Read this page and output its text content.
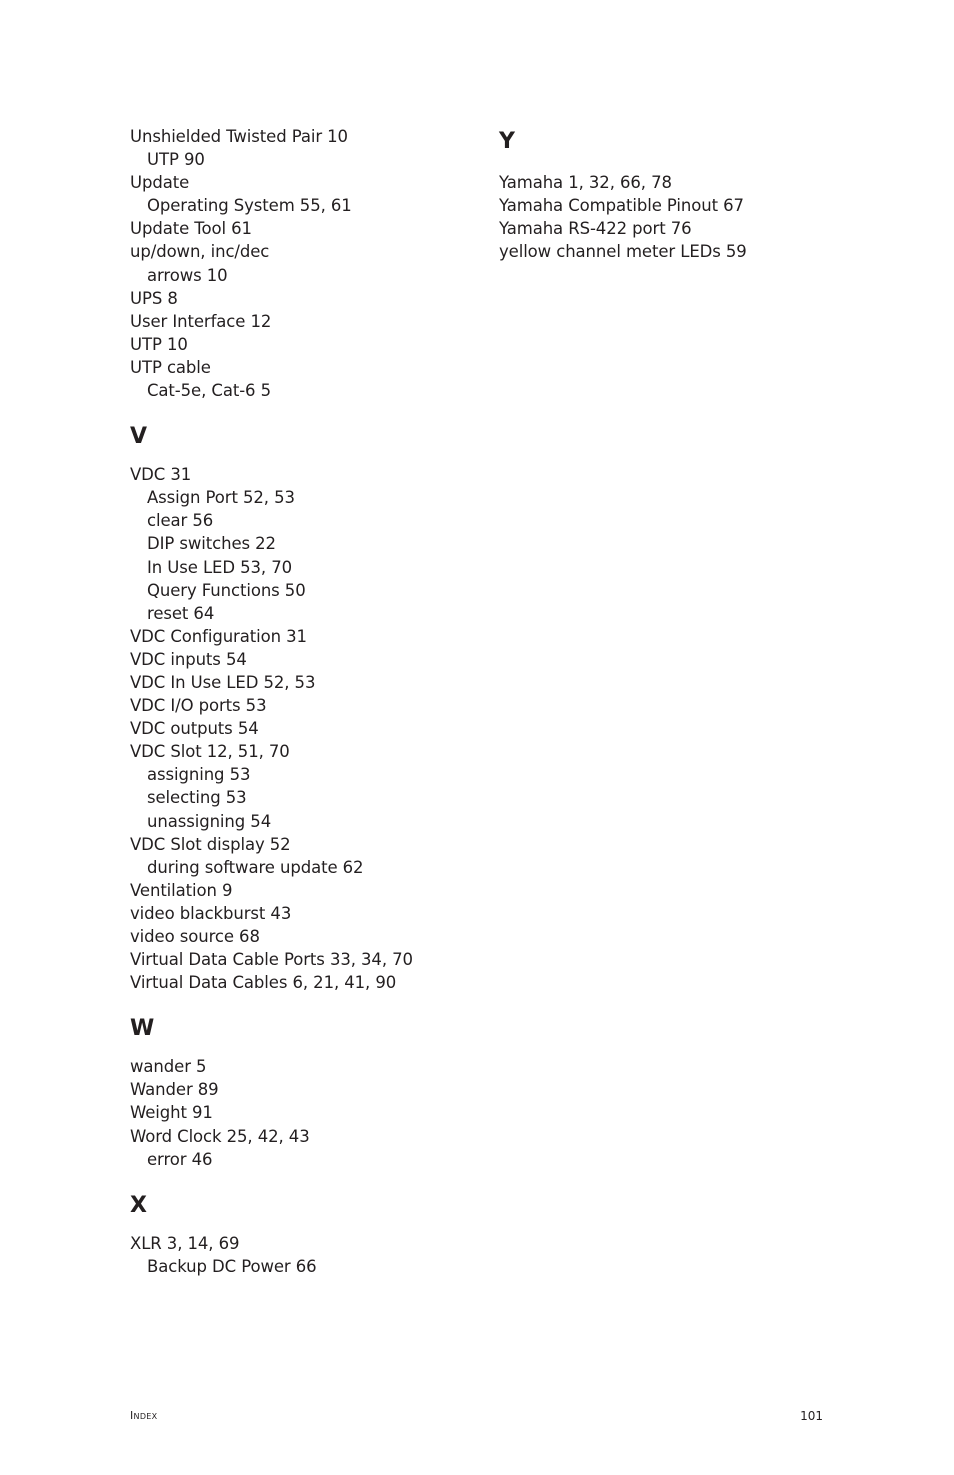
Unshielded Twisted Pair 10
UTP 90
Update
Operating System 55, 61
Update Tool 61
up/down, inc/dec
arrows 10
UPS 8
User Interface 12
UTP 10
UTP cable
Cat-5e, Cat-6 5
V
VDC 31
Assign Port 52, 53
clear 56
DIP switches 22
In Use LED 53, 70
Query Functions 50
reset 64
VDC Configuration 31
VDC inputs 54
VDC In Use LED 52, 53
VDC I/O ports 53
VDC outputs 54
VDC Slot 12, 51, 70
assigning 53
selecting 53
unassigning 54
VDC Slot display 52
during software update 62
Ventilation 9
video blackburst 43
video source 68
Virtual Data Cable Ports 33, 34, 70
Virtual Data Cables 6, 21, 41, 90
W
wander 5
Wander 89
Weight 91
Word Clock 25, 42, 43
error 46
X
XLR 3, 14, 69
Backup DC Power 66
Y
Yamaha 1, 32, 66, 78
Yamaha Compatible Pinout 67
Yamaha RS-422 port 76
yellow channel meter LEDs 59
Index	101
